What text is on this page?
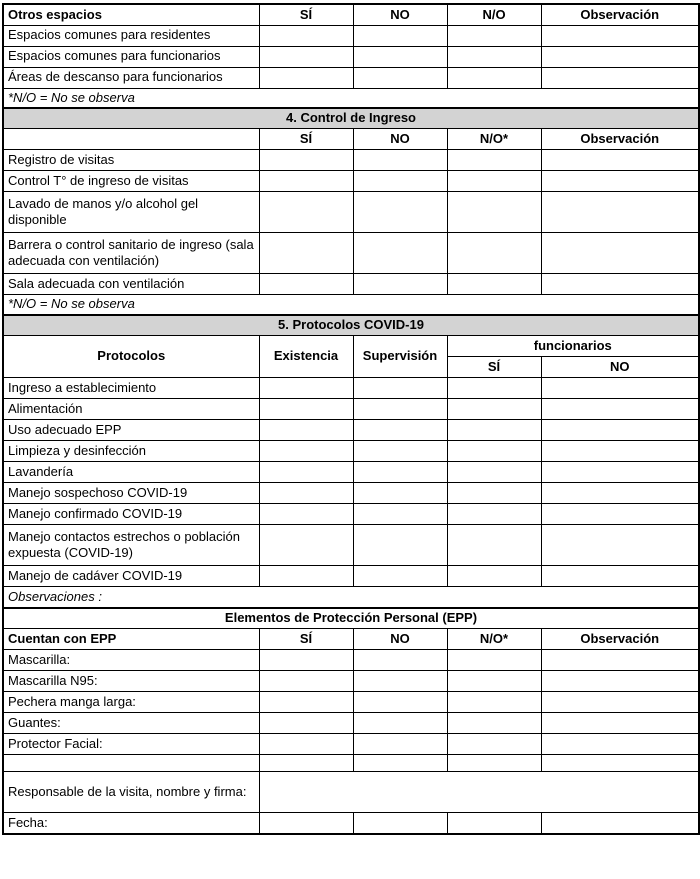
Otros espacios	SÍ	NO	N/O	Observación
Espacios comunes para residentes				
Espacios comunes para funcionarios				
Áreas de descanso para funcionarios				
*N/O = No se observa				
4. Control de Ingreso				
	SÍ	NO	N/O*	Observación
Registro de visitas				
Control T° de ingreso de visitas				
Lavado de manos y/o alcohol gel disponible				
Barrera o control sanitario de ingreso (sala adecuada con ventilación)				
Sala adecuada con ventilación				
*N/O = No se observa				
5. Protocolos COVID-19				
Protocolos	Existencia	Supervisión	funcionarios	
			SÍ	NO
Ingreso a establecimiento				
Alimentación				
Uso adecuado EPP				
Limpieza y desinfección				
Lavandería				
Manejo sospechoso COVID-19				
Manejo confirmado COVID-19				
Manejo contactos estrechos o población expuesta (COVID-19)				
Manejo de cadáver COVID-19				
Observaciones :				
Elementos de Protección Personal (EPP)				
Cuentan con EPP	SÍ	NO	N/O*	Observación
Mascarilla:				
Mascarilla N95:				
Pechera manga larga:				
Guantes:				
Protector Facial:				

Responsable de la visita, nombre y firma:				
Fecha:				
